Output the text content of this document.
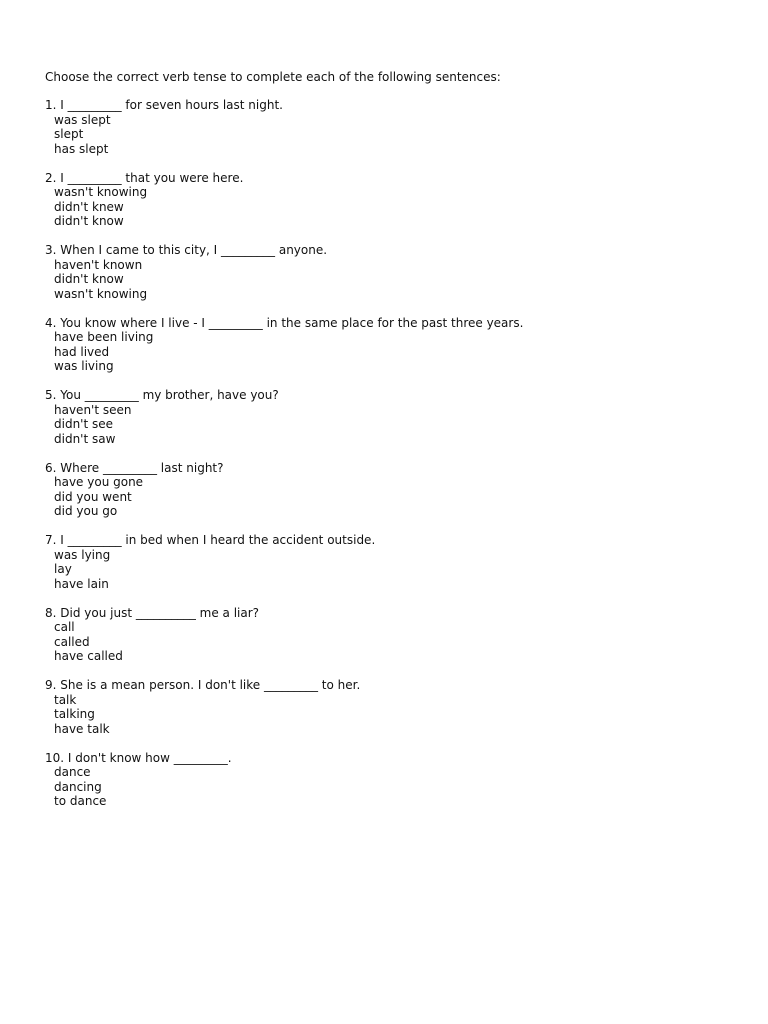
Choose the correct verb tense to complete each of the following sentences:
1. I _________ for seven hours last night.
was slept
slept
has slept
2. I _________ that you were here.
wasn't knowing
didn't knew
didn't know
3. When I came to this city, I _________ anyone.
haven't known
didn't know
wasn't knowing
4. You know where I live - I _________ in the same place for the past three years.
have been living
had lived
was living
5. You _________ my brother, have you?
haven't seen
didn't see
didn't saw
6. Where _________ last night?
have you gone
did you went
did you go
7. I _________ in bed when I heard the accident outside.
was lying
lay
have lain
8. Did you just __________ me a liar?
call
called
have called
9. She is a mean person. I don't like _________ to her.
talk
talking
have talk
10. I don't know how _________.
dance
dancing
to dance
